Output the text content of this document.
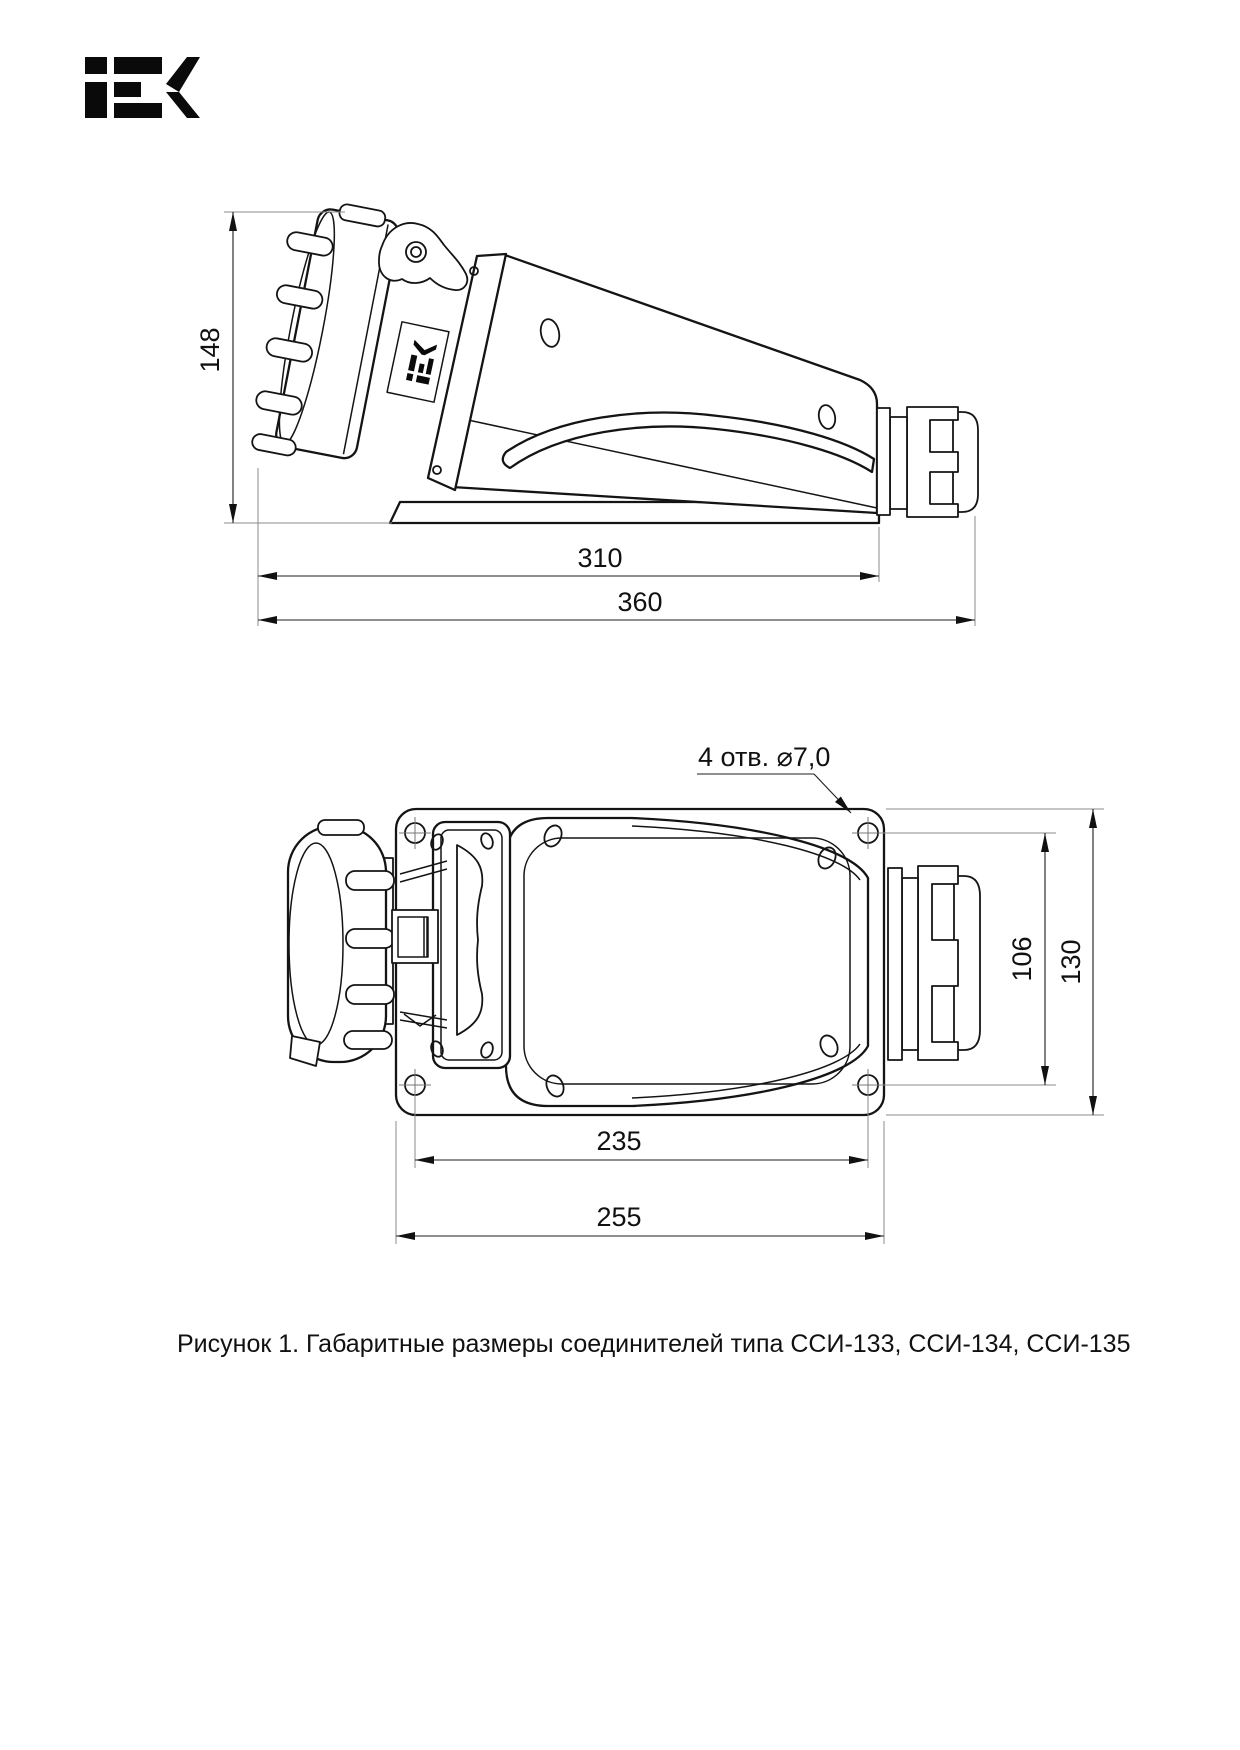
148
310
360
106 130
235
255
4 отв. ⌀7,0
Рисунок 1. Габаритные размеры соединителей типа ССИ-133, ССИ-134, ССИ-135
